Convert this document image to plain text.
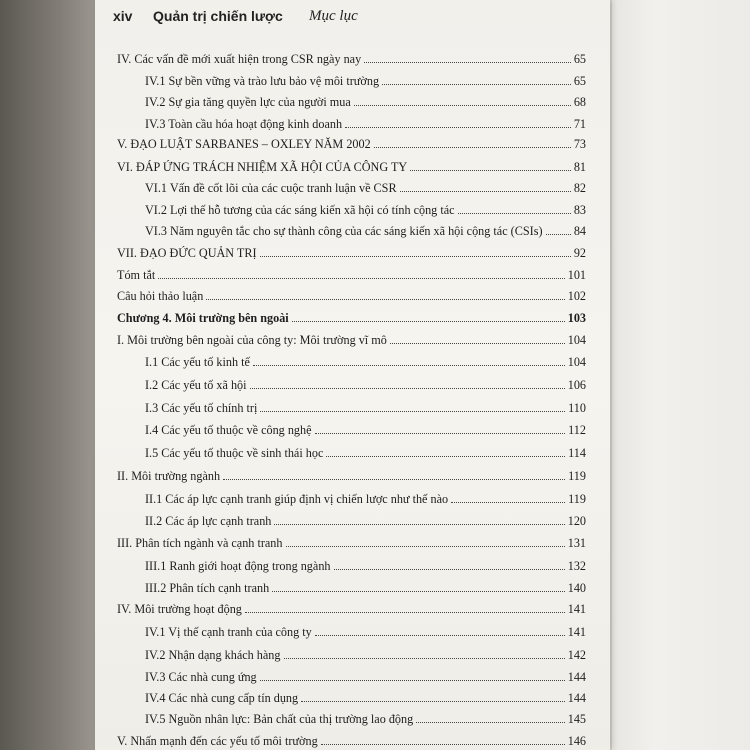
xiv Quản trị chiến lược Mục lục
IV. Các vấn đề mới xuất hiện trong CSR ngày nay	65
IV.1 Sự bền vững và trào lưu bảo vệ môi trường	65
IV.2 Sự gia tăng quyền lực của người mua	68
IV.3 Toàn cầu hóa hoạt động kinh doanh	71
V. ĐẠO LUẬT SARBANES – OXLEY NĂM 2002	73
VI. ĐÁP ỨNG TRÁCH NHIỆM XÃ HỘI CỦA CÔNG TY	81
VI.1 Vấn đề cốt lõi của các cuộc tranh luận về CSR	82
VI.2 Lợi thế hỗ tương của các sáng kiến xã hội có tính cộng tác	83
VI.3 Năm nguyên tắc cho sự thành công của các sáng kiến xã hội cộng tác (CSIs)	84
VII. ĐẠO ĐỨC QUẢN TRỊ	92
Tóm tắt	101
Câu hỏi thảo luận	102
Chương 4. Môi trường bên ngoài	103
I. Môi trường bên ngoài của công ty: Môi trường vĩ mô	104
I.1 Các yếu tố kinh tế	104
I.2 Các yếu tố xã hội	106
I.3 Các yếu tố chính trị	110
I.4 Các yếu tố thuộc về công nghệ	112
I.5 Các yếu tố thuộc về sinh thái học	114
II. Môi trường ngành	119
II.1 Các áp lực cạnh tranh giúp định vị chiến lược như thế nào	119
II.2 Các áp lực cạnh tranh	120
III. Phân tích ngành và cạnh tranh	131
III.1 Ranh giới hoạt động trong ngành	132
III.2 Phân tích cạnh tranh	140
IV. Môi trường hoạt động	141
IV.1 Vị thế cạnh tranh của công ty	141
IV.2 Nhận dạng khách hàng	142
IV.3 Các nhà cung ứng	144
IV.4 Các nhà cung cấp tín dụng	144
IV.5 Nguồn nhân lực: Bản chất của thị trường lao động	145
V. Nhấn mạnh đến các yếu tố môi trường	146
